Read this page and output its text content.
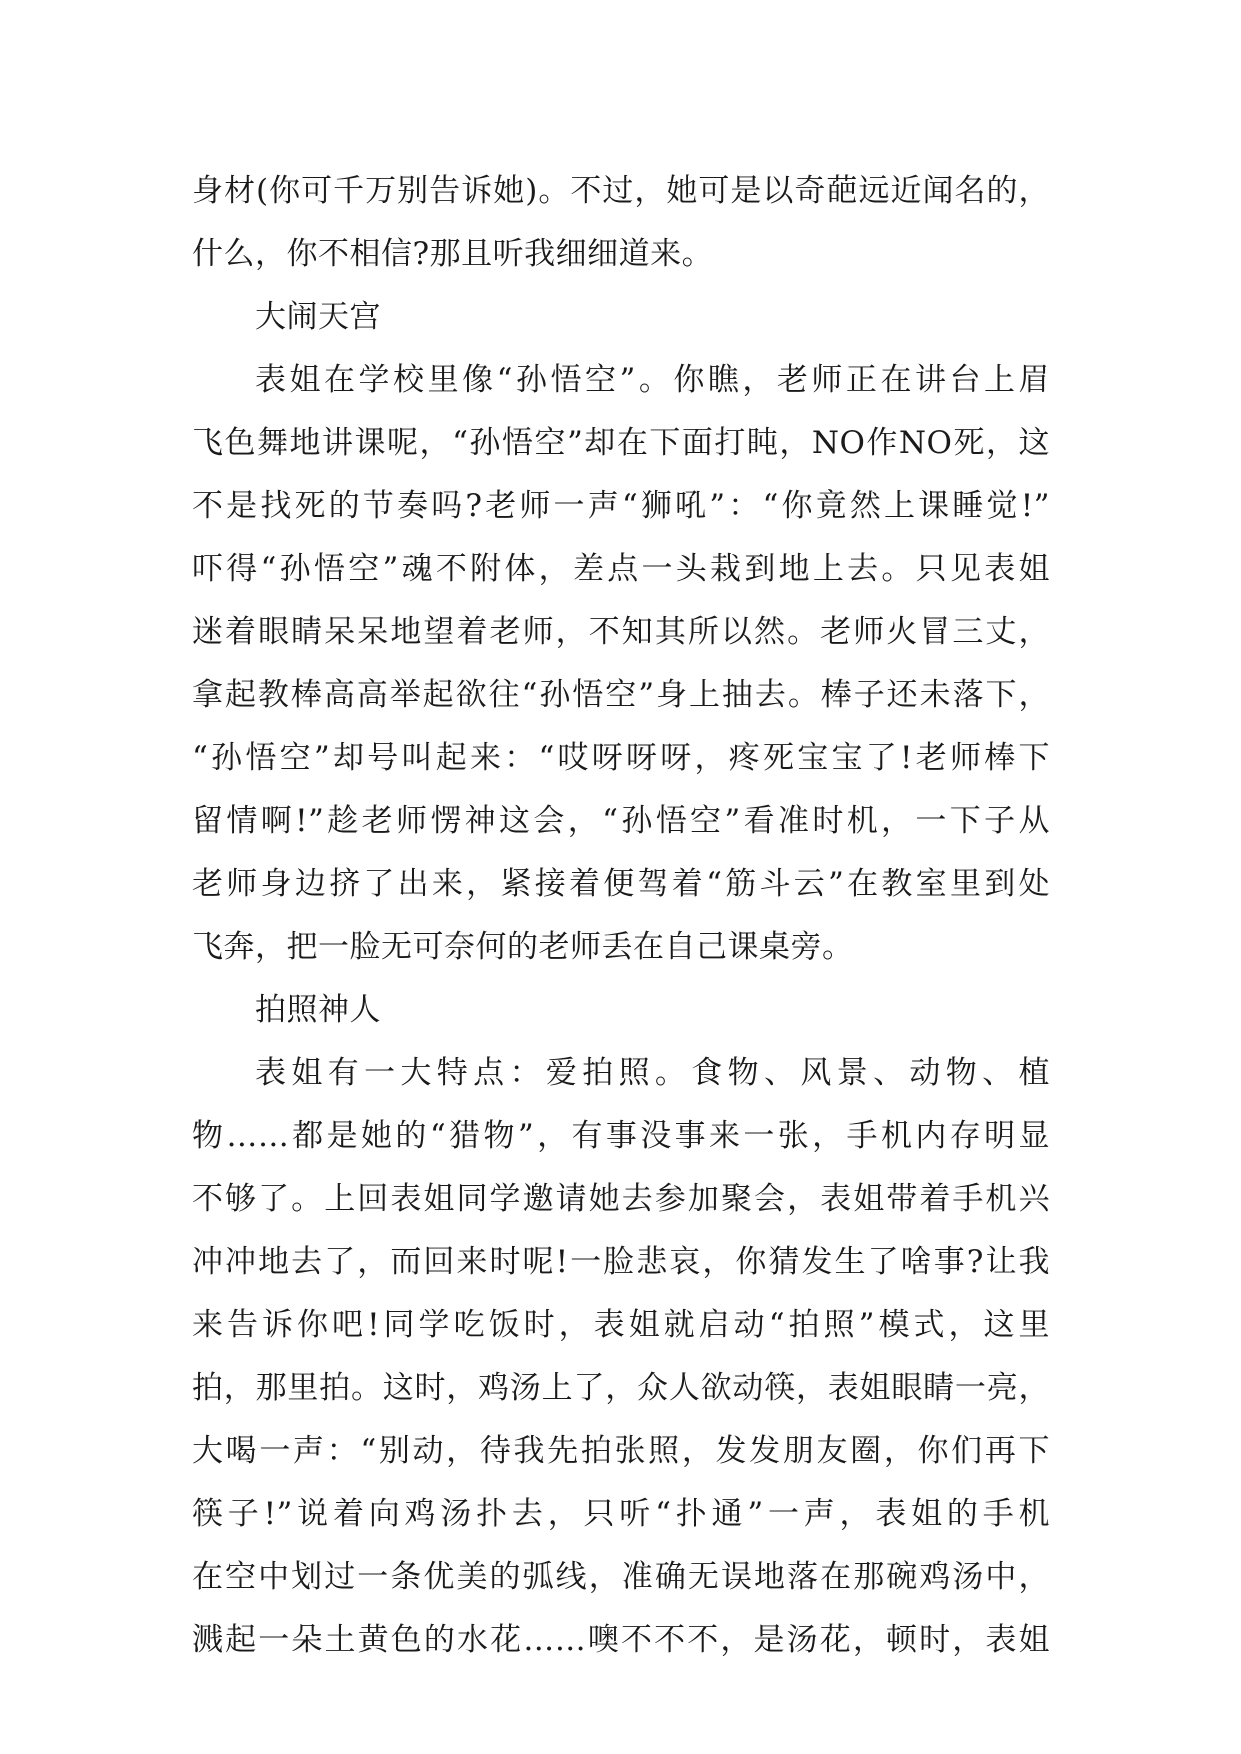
身材(你可千万别告诉她)。不过，她可是以奇葩远近闻名的，
什么，你不相信?那且听我细细道来。
大闹天宫
表姐在学校里像“孙悟空”。你瞧，老师正在讲台上眉
飞色舞地讲课呢，“孙悟空”却在下面打盹，NO作NO死，这
不是找死的节奏吗?老师一声“狮吼”：“你竟然上课睡觉!”
吓得“孙悟空”魂不附体，差点一头栽到地上去。只见表姐
迷着眼睛呆呆地望着老师，不知其所以然。老师火冒三丈，
拿起教棒高高举起欲往“孙悟空”身上抽去。棒子还未落下，
“孙悟空”却号叫起来：“哎呀呀呀，疼死宝宝了!老师棒下
留情啊!”趁老师愣神这会，“孙悟空”看准时机，一下子从
老师身边挤了出来，紧接着便驾着“筋斗云”在教室里到处
飞奔，把一脸无可奈何的老师丢在自己课桌旁。
拍照神人
表姐有一大特点：爱拍照。食物、风景、动物、植
物……都是她的“猎物”，有事没事来一张，手机内存明显
不够了。上回表姐同学邀请她去参加聚会，表姐带着手机兴
冲冲地去了，而回来时呢!一脸悲哀，你猜发生了啥事?让我
来告诉你吧!同学吃饭时，表姐就启动“拍照”模式，这里
拍，那里拍。这时，鸡汤上了，众人欲动筷，表姐眼睛一亮，
大喝一声：“别动，待我先拍张照，发发朋友圈，你们再下
筷子!”说着向鸡汤扑去，只听“扑通”一声，表姐的手机
在空中划过一条优美的弧线，准确无误地落在那碗鸡汤中，
溅起一朵土黄色的水花……噢不不不，是汤花，顿时，表姐
